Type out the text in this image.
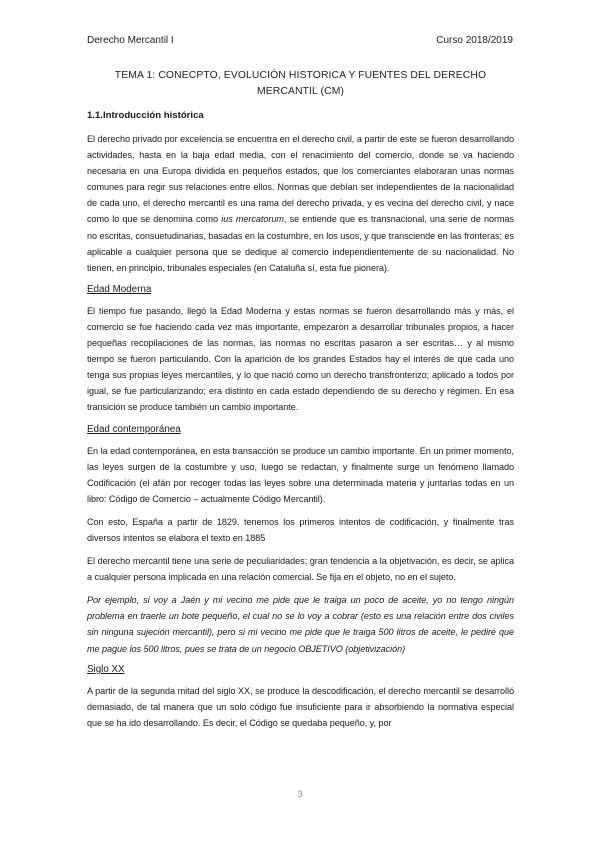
Derecho Mercantil I	Curso 2018/2019
TEMA 1: CONECPTO, EVOLUCIÓN HISTORICA Y FUENTES DEL DERECHO MERCANTIL (CM)
1.1.Introducción histórica

El derecho privado por excelencia se encuentra en el derecho civil, a partir de este se fueron desarrollando actividades, hasta en la baja edad media, con el renacimiento del comercio, donde se va haciendo necesaria en una Europa dividida en pequeños estados, que los comerciantes elaboraran unas normas comunes para regir sus relaciones entre ellos. Normas que debían ser independientes de la nacionalidad de cada uno, el derecho mercantil es una rama del derecho privada, y es vecina del derecho civil, y nace como lo que se denomina como ius mercatorum, se entiende que es transnacional, una serie de normas no escritas, consuetudinarias, basadas en la costumbre, en los usos, y que transciende en las fronteras; es aplicable a cualquier persona que se dedique al comercio independientemente de su nacionalidad. No tienen, en principio, tribunales especiales (en Cataluña sí, esta fue pionera).

Edad Moderna

El tiempo fue pasando, llegó la Edad Moderna y estas normas se fueron desarrollando más y más, el comercio se fue haciendo cada vez más importante, empezaron a desarrollar tribunales propios, a hacer pequeñas recopilaciones de las normas, las normas no escritas pasaron a ser escritas… y al mismo tiempo se fueron particulando. Con la aparición de los grandes Estados hay el interés de que cada uno tenga sus propias leyes mercantiles, y lo que nació como un derecho transfronterizo; aplicado a todos por igual, se fue particularizando; era distinto en cada estado dependiendo de su derecho y régimen. En esa transición se produce también un cambio importante.

Edad contemporánea

En la edad contemporánea, en esta transacción se produce un cambio importante. En un primer momento, las leyes surgen de la costumbre y uso, luego se redactan, y finalmente surge un fenómeno llamado Codificación (el afán por recoger todas las leyes sobre una determinada materia y juntarlas todas en un libro: Código de Comercio – actualmente Código Mercantil).

Con esto, España a partir de 1829, tenemos los primeros intentos de codificación, y finalmente tras diversos intentos se elabora el texto en 1885

El derecho mercantil tiene una serie de peculiaridades; gran tendencia a la objetivación, es decir, se aplica a cualquier persona implicada en una relación comercial. Se fija en el objeto, no en el sujeto.

Por ejemplo, si voy a Jaén y mi vecino me pide que le traiga un poco de aceite, yo no tengo ningún problema en traerle un bote pequeño, el cual no se lo voy a cobrar (esto es una relación entre dos civiles sin ninguna sujeción mercantil), pero si mi vecino me pide que le traiga 500 litros de aceite, le pediré que me pague los 500 litros, pues se trata de un negocio OBJETIVO (objetivización)

Siglo XX

A partir de la segunda mitad del siglo XX, se produce la descodificación, el derecho mercantil se desarrolló demasiado, de tal manera que un solo código fue insuficiente para ir absorbiendo la normativa especial que se ha ido desarrollando. Es decir, el Código se quedaba pequeño, y, por

3
